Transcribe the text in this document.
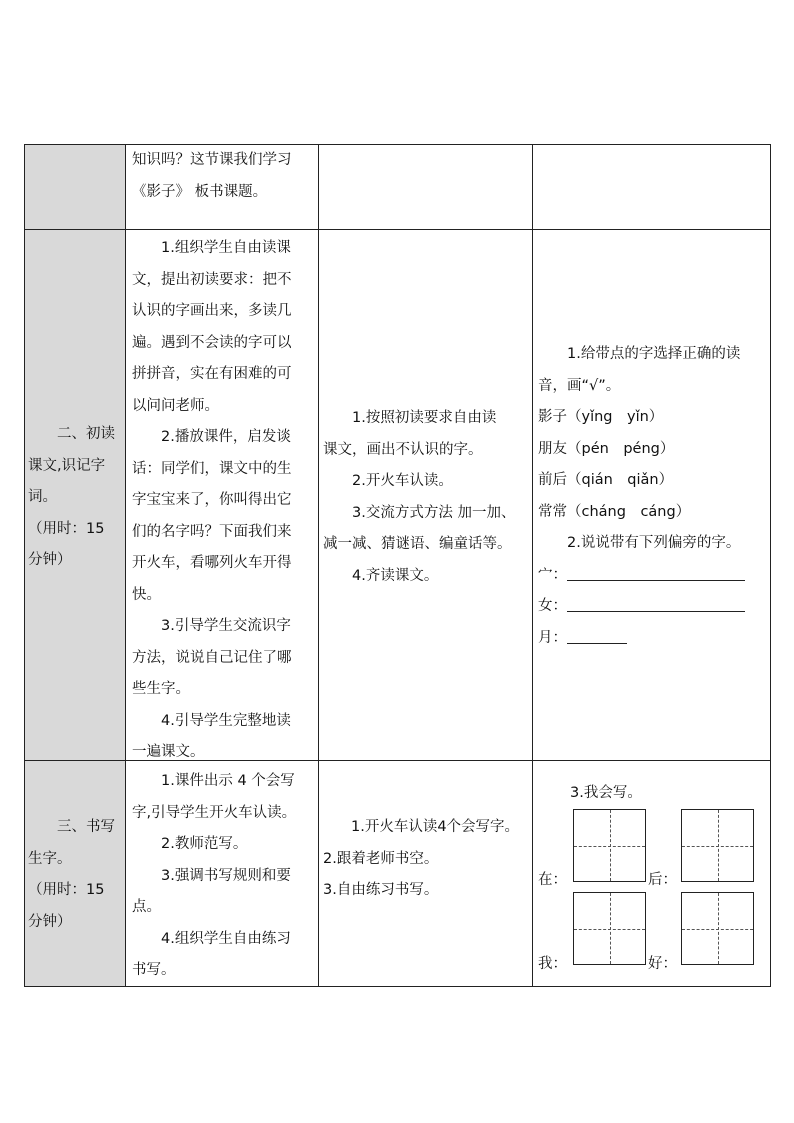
知识吗？这节课我们学习

《影子》 板书课题。

二、初读

课文,识记字

词。

（用时：15

分钟）

1.组织学生自由读课

文，提出初读要求：把不

认识的字画出来，多读几

遍。遇到不会读的字可以

拼拼音，实在有困难的可

以问问老师。

2.播放课件，启发谈

话：同学们，课文中的生

字宝宝来了，你叫得出它

们的名字吗？下面我们来

开火车，看哪列火车开得

快。

3.引导学生交流识字

方法，说说自己记住了哪

些生字。

4.引导学生完整地读

一遍课文。

1.按照初读要求自由读

课文，画出不认识的字。

2.开火车认读。

3.交流方式方法 加一加、

减一减、猜谜语、编童话等。

4.齐读课文。

1.给带点的字选择正确的读

音，画“√”。

影子（yǐng　yǐn）

朋友（pén　péng）

前后（qián　qiǎn）

常常（cháng　cáng）

2.说说带有下列偏旁的字。

宀：

女：

月：

三、书写

生字。

（用时：15

分钟）

1.课件出示 4 个会写

字,引导学生开火车认读。

2.教师范写。

3.强调书写规则和要

点。

4.组织学生自由练习

书写。

1.开火车认读4个会写字。

2.跟着老师书空。

3.自由练习书写。

3.我会写。
在：	后：
我：	好：
